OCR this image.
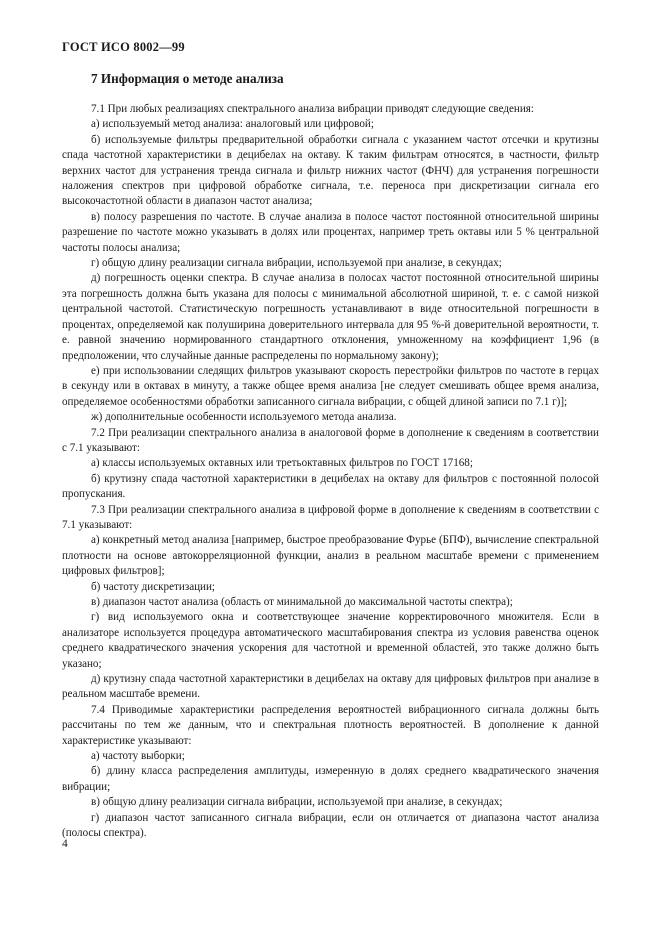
ГОСТ ИСО 8002—99
7 Информация о методе анализа

7.1 При любых реализациях спектрального анализа вибрации приводят следующие сведения:

а) используемый метод анализа: аналоговый или цифровой;

б) используемые фильтры предварительной обработки сигнала с указанием частот отсечки и крутизны спада частотной характеристики в децибелах на октаву. К таким фильтрам относятся, в частности, фильтр верхних частот для устранения тренда сигнала и фильтр нижних частот (ФНЧ) для устранения погрешности наложения спектров при цифровой обработке сигнала, т.е. переноса при дискретизации сигнала его высокочастотной области в диапазон частот анализа;

в) полосу разрешения по частоте. В случае анализа в полосе частот постоянной относительной ширины разрешение по частоте можно указывать в долях или процентах, например треть октавы или 5 % центральной частоты полосы анализа;

г) общую длину реализации сигнала вибрации, используемой при анализе, в секундах;

д) погрешность оценки спектра. В случае анализа в полосах частот постоянной относительной ширины эта погрешность должна быть указана для полосы с минимальной абсолютной шириной, т. е. с самой низкой центральной частотой. Статистическую погрешность устанавливают в виде относительной погрешности в процентах, определяемой как полуширина доверительного интервала для 95 %-й доверительной вероятности, т. е. равной значению нормированного стандартного отклонения, умноженному на коэффициент 1,96 (в предположении, что случайные данные распределены по нормальному закону);

е) при использовании следящих фильтров указывают скорость перестройки фильтров по частоте в герцах в секунду или в октавах в минуту, а также общее время анализа [не следует смешивать общее время анализа, определяемое особенностями обработки записанного сигнала вибрации, с общей длиной записи по 7.1 г)];

ж) дополнительные особенности используемого метода анализа.

7.2 При реализации спектрального анализа в аналоговой форме в дополнение к сведениям в соответствии с 7.1 указывают:

а) классы используемых октавных или третьоктавных фильтров по ГОСТ 17168;

б) крутизну спада частотной характеристики в децибелах на октаву для фильтров с постоянной полосой пропускания.

7.3 При реализации спектрального анализа в цифровой форме в дополнение к сведениям в соответствии с 7.1 указывают:

а) конкретный метод анализа [например, быстрое преобразование Фурье (БПФ), вычисление спектральной плотности на основе автокорреляционной функции, анализ в реальном масштабе времени с применением цифровых фильтров];

б) частоту дискретизации;

в) диапазон частот анализа (область от минимальной до максимальной частоты спектра);

г) вид используемого окна и соответствующее значение корректировочного множителя. Если в анализаторе используется процедура автоматического масштабирования спектра из условия равенства оценок среднего квадратического значения ускорения для частотной и временной областей, это также должно быть указано;

д) крутизну спада частотной характеристики в децибелах на октаву для цифровых фильтров при анализе в реальном масштабе времени.

7.4 Приводимые характеристики распределения вероятностей вибрационного сигнала должны быть рассчитаны по тем же данным, что и спектральная плотность вероятностей. В дополнение к данной характеристике указывают:

а) частоту выборки;

б) длину класса распределения амплитуды, измеренную в долях среднего квадратического значения вибрации;

в) общую длину реализации сигнала вибрации, используемой при анализе, в секундах;

г) диапазон частот записанного сигнала вибрации, если он отличается от диапазона частот анализа (полосы спектра).

4
